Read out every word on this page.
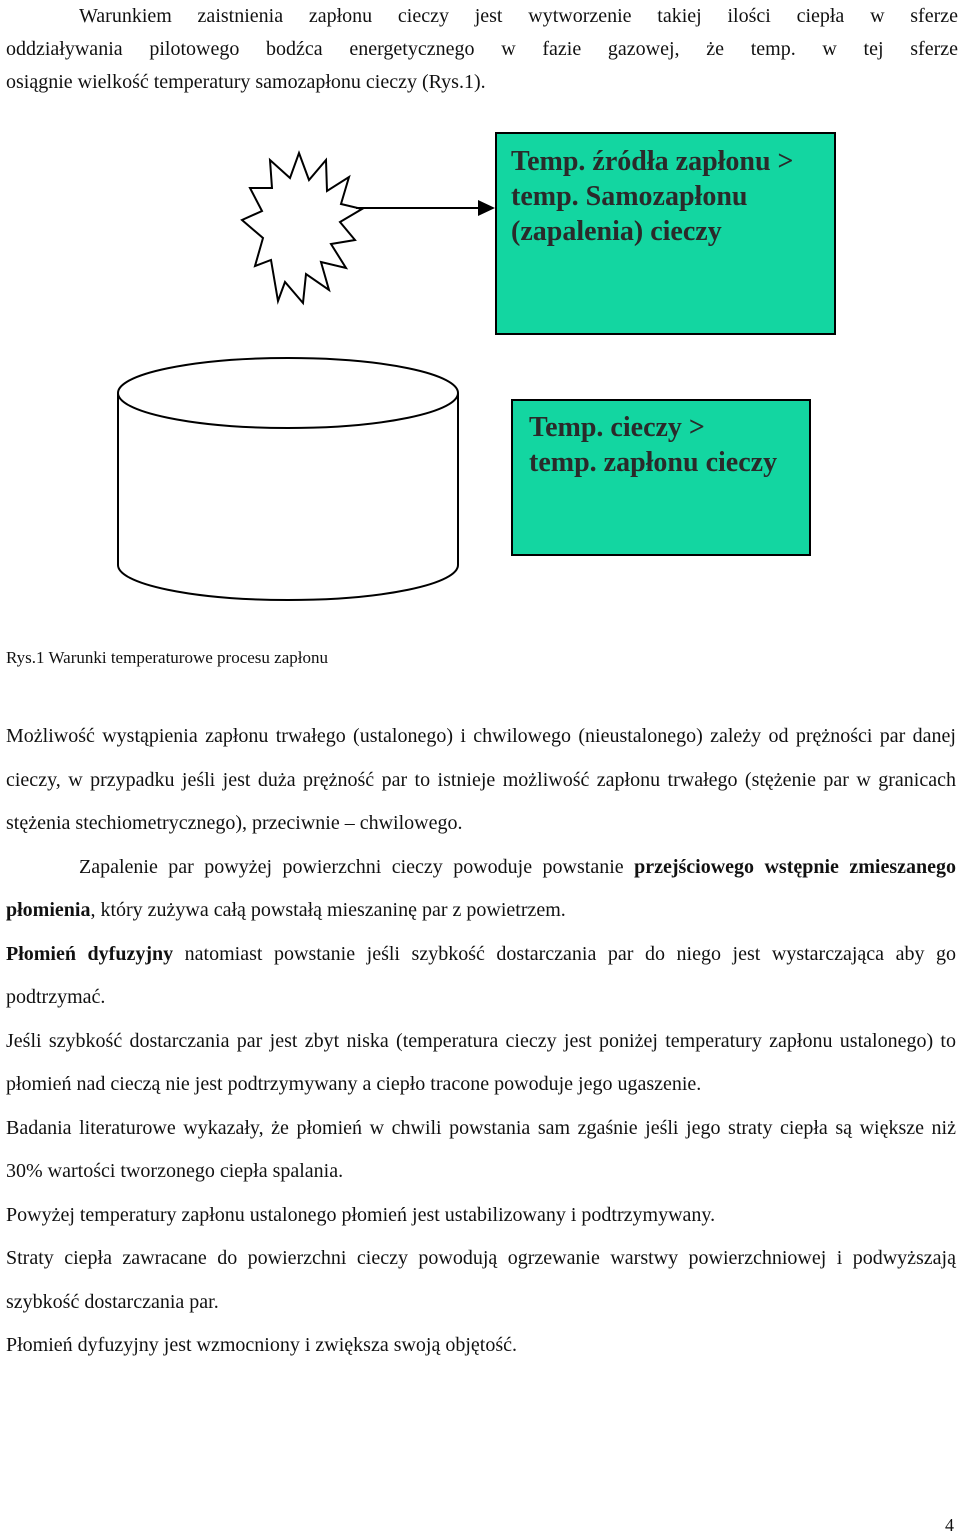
Warunkiem zaistnienia zapłonu cieczy jest wytworzenie takiej ilości ciepła w sferze
oddziaływania pilotowego bodźca energetycznego w fazie gazowej, że temp. w tej sferze
osiągnie wielkość temperatury samozapłonu cieczy (Rys.1).
Temp. źródła zapłonu >
temp. Samozapłonu
(zapalenia) cieczy
Temp. cieczy >
temp. zapłonu cieczy
Rys.1 Warunki temperaturowe procesu zapłonu

Możliwość wystąpienia zapłonu trwałego (ustalonego) i chwilowego (nieustalonego) zależy od prężności par danej cieczy, w przypadku jeśli jest duża prężność par to istnieje możliwość zapłonu trwałego (stężenie par w granicach stężenia stechiometrycznego), przeciwnie – chwilowego.

Zapalenie par powyżej powierzchni cieczy powoduje powstanie przejściowego wstępnie zmieszanego płomienia, który zużywa całą powstałą mieszaninę par z powietrzem.

Płomień dyfuzyjny natomiast powstanie jeśli szybkość dostarczania par do niego jest wystarczająca aby go podtrzymać.

Jeśli szybkość dostarczania par jest zbyt niska (temperatura cieczy jest poniżej temperatury zapłonu ustalonego) to płomień nad cieczą nie jest podtrzymywany a ciepło tracone powoduje jego ugaszenie.

Badania literaturowe wykazały, że płomień w chwili powstania sam zgaśnie jeśli jego straty ciepła są większe niż 30% wartości tworzonego ciepła spalania.

Powyżej temperatury zapłonu ustalonego płomień jest ustabilizowany i podtrzymywany.

Straty ciepła zawracane do powierzchni cieczy powodują ogrzewanie warstwy powierzchniowej i podwyższają szybkość dostarczania par.

Płomień dyfuzyjny jest wzmocniony i zwiększa swoją objętość.

4
